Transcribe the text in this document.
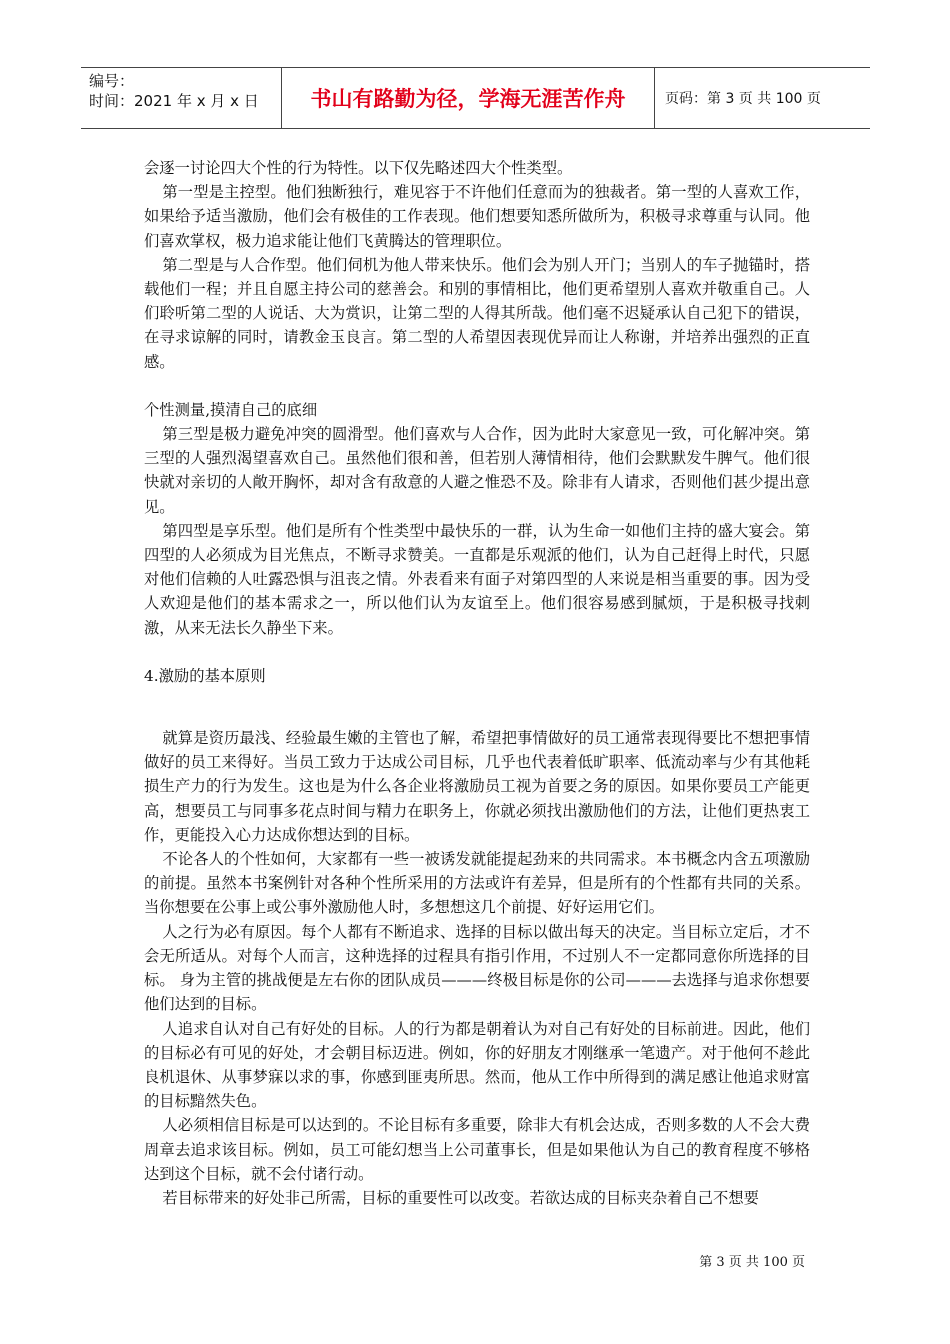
编号：
时间：2021 年 x 月 x 日	书山有路勤为径，学海无涯苦作舟	页码：第 3 页 共 100 页

会逐一讨论四大个性的行为特性。以下仅先略述四大个性类型。

第一型是主控型。他们独断独行，难见容于不许他们任意而为的独裁者。第一型的人喜欢工作，如果给予适当激励，他们会有极佳的工作表现。他们想要知悉所做所为，积极寻求尊重与认同。他们喜欢掌权，极力追求能让他们飞黄腾达的管理职位。

第二型是与人合作型。他们伺机为他人带来快乐。他们会为别人开门；当别人的车子抛锚时，搭载他们一程；并且自愿主持公司的慈善会。和别的事情相比，他们更希望别人喜欢并敬重自己。人们聆听第二型的人说话、大为赏识，让第二型的人得其所哉。他们毫不迟疑承认自己犯下的错误，在寻求谅解的同时，请教金玉良言。第二型的人希望因表现优异而让人称谢，并培养出强烈的正直感。

个性测量,摸清自己的底细

第三型是极力避免冲突的圆滑型。他们喜欢与人合作，因为此时大家意见一致，可化解冲突。第三型的人强烈渴望喜欢自己。虽然他们很和善，但若别人薄情相待，他们会默默发牛脾气。他们很快就对亲切的人敞开胸怀，却对含有敌意的人避之惟恐不及。除非有人请求，否则他们甚少提出意见。

第四型是享乐型。他们是所有个性类型中最快乐的一群，认为生命一如他们主持的盛大宴会。第四型的人必须成为目光焦点，不断寻求赞美。一直都是乐观派的他们，认为自己赶得上时代，只愿对他们信赖的人吐露恐惧与沮丧之情。外表看来有面子对第四型的人来说是相当重要的事。因为受人欢迎是他们的基本需求之一，所以他们认为友谊至上。他们很容易感到腻烦，于是积极寻找刺激，从来无法长久静坐下来。

4.激励的基本原则

就算是资历最浅、经验最生嫩的主管也了解，希望把事情做好的员工通常表现得要比不想把事情做好的员工来得好。当员工致力于达成公司目标，几乎也代表着低旷职率、低流动率与少有其他耗损生产力的行为发生。这也是为什么各企业将激励员工视为首要之务的原因。如果你要员工产能更高，想要员工与同事多花点时间与精力在职务上，你就必须找出激励他们的方法，让他们更热衷工作，更能投入心力达成你想达到的目标。

不论各人的个性如何，大家都有一些一被诱发就能提起劲来的共同需求。本书概念内含五项激励的前提。虽然本书案例针对各种个性所采用的方法或许有差异，但是所有的个性都有共同的关系。当你想要在公事上或公事外激励他人时，多想想这几个前提、好好运用它们。

人之行为必有原因。每个人都有不断追求、选择的目标以做出每天的决定。当目标立定后，才不会无所适从。对每个人而言，这种选择的过程具有指引作用，不过别人不一定都同意你所选择的目标。 身为主管的挑战便是左右你的团队成员———终极目标是你的公司———去选择与追求你想要他们达到的目标。

人追求自认对自己有好处的目标。人的行为都是朝着认为对自己有好处的目标前进。因此，他们的目标必有可见的好处，才会朝目标迈进。例如，你的好朋友才刚继承一笔遗产。对于他何不趁此良机退休、从事梦寐以求的事，你感到匪夷所思。然而，他从工作中所得到的满足感让他追求财富的目标黯然失色。

人必须相信目标是可以达到的。不论目标有多重要，除非大有机会达成，否则多数的人不会大费周章去追求该目标。例如，员工可能幻想当上公司董事长，但是如果他认为自己的教育程度不够格达到这个目标，就不会付诸行动。

若目标带来的好处非己所需，目标的重要性可以改变。若欲达成的目标夹杂着自己不想要

第 3 页 共 100 页
